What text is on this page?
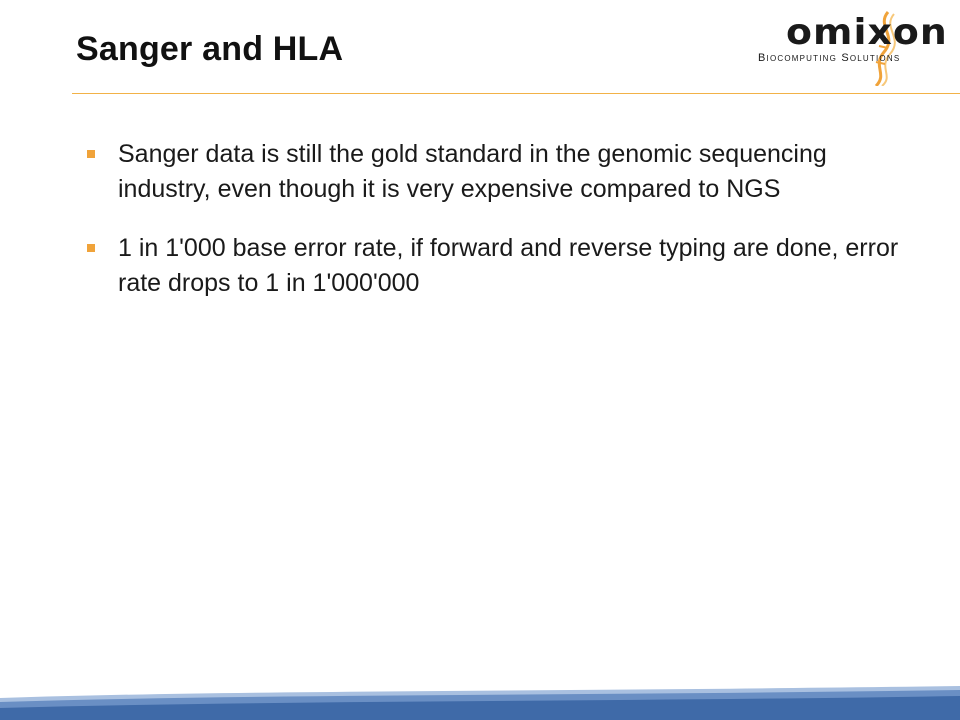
Sanger and HLA	omixon
Biocomputing Solutions
Sanger data is still the gold standard in the genomic sequencing industry, even though it is very expensive compared to NGS
1 in 1'000 base error rate, if forward and reverse typing are done, error rate drops to 1 in 1'000'000
